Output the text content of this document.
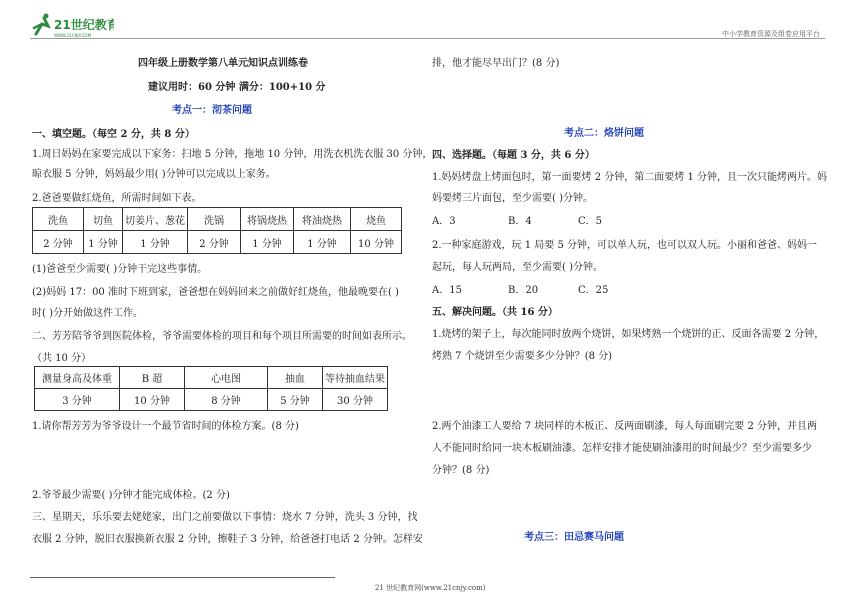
21世纪教育
WWW.21CNJY.COM	中小学教育资源及组卷应用平台
四年级上册数学第八单元知识点训练卷
建议用时：60 分钟 满分：100+10 分
考点一：沏茶问题
一、填空题。（每空 2 分，共 8 分）
1.周日妈妈在家要完成以下家务：扫地 5 分钟，拖地 10 分钟，用洗衣机洗衣服 30 分钟，
晾衣服 5 分钟，妈妈最少用( )分钟可以完成以上家务。
2.爸爸要做红烧鱼，所需时间如下表。
洗鱼	切鱼	切姜片、葱花	洗锅	将锅烧热	将油烧热	烧鱼
2 分钟	1 分钟	1 分钟	2 分钟	1 分钟	1 分钟	10 分钟
(1)爸爸至少需要( )分钟干完这些事情。
(2)妈妈 17：00 准时下班到家，爸爸想在妈妈回来之前做好红烧鱼，他最晚要在( )
时( )分开始做这件工作。
二、芳芳陪爷爷到医院体检，爷爷需要体检的项目和每个项目所需要的时间如表所示。
（共 10 分）
测量身高及体重	B 超	心电图	抽血	等待抽血结果
3 分钟	10 分钟	8 分钟	5 分钟	30 分钟
1.请你帮芳芳为爷爷设计一个最节省时间的体检方案。(8 分)
2.爷爷最少需要( )分钟才能完成体检。(2 分)
三、星期天，乐乐要去姥姥家，出门之前要做以下事情：烧水 7 分钟，洗头 3 分钟，找
衣服 2 分钟，脱旧衣服换新衣服 2 分钟，擦鞋子 3 分钟，给爸爸打电话 2 分钟。怎样安
排，他才能尽早出门？(8 分)
考点二：烙饼问题
四、选择题。（每题 3 分，共 6 分）
1.妈妈烤盘上烤面包时，第一面要烤 2 分钟，第二面要烤 1 分钟，且一次只能烤两片。妈
妈要烤三片面包，至少需要( )分钟。
A．3	B．4	C．5
2.一种家庭游戏，玩 1 局要 5 分钟，可以单人玩，也可以双人玩。小丽和爸爸、妈妈一
起玩，每人玩两局，至少需要( )分钟。
A．15	B．20	C．25
五、解决问题。（共 16 分）
1.烧烤的架子上，每次能同时放两个烧饼，如果烤熟一个烧饼的正、反面各需要 2 分钟，
烤熟 7 个烧饼至少需要多少分钟？(8 分)
2.两个油漆工人要给 7 块同样的木板正、反两面刷漆，每人每面刷完要 2 分钟，并且两
人不能同时给同一块木板刷油漆。怎样安排才能使刷油漆用的时间最少？至少需要多少
分钟？(8 分)
考点三：田忌赛马问题
21 世纪教育网(www.21cnjy.com)
